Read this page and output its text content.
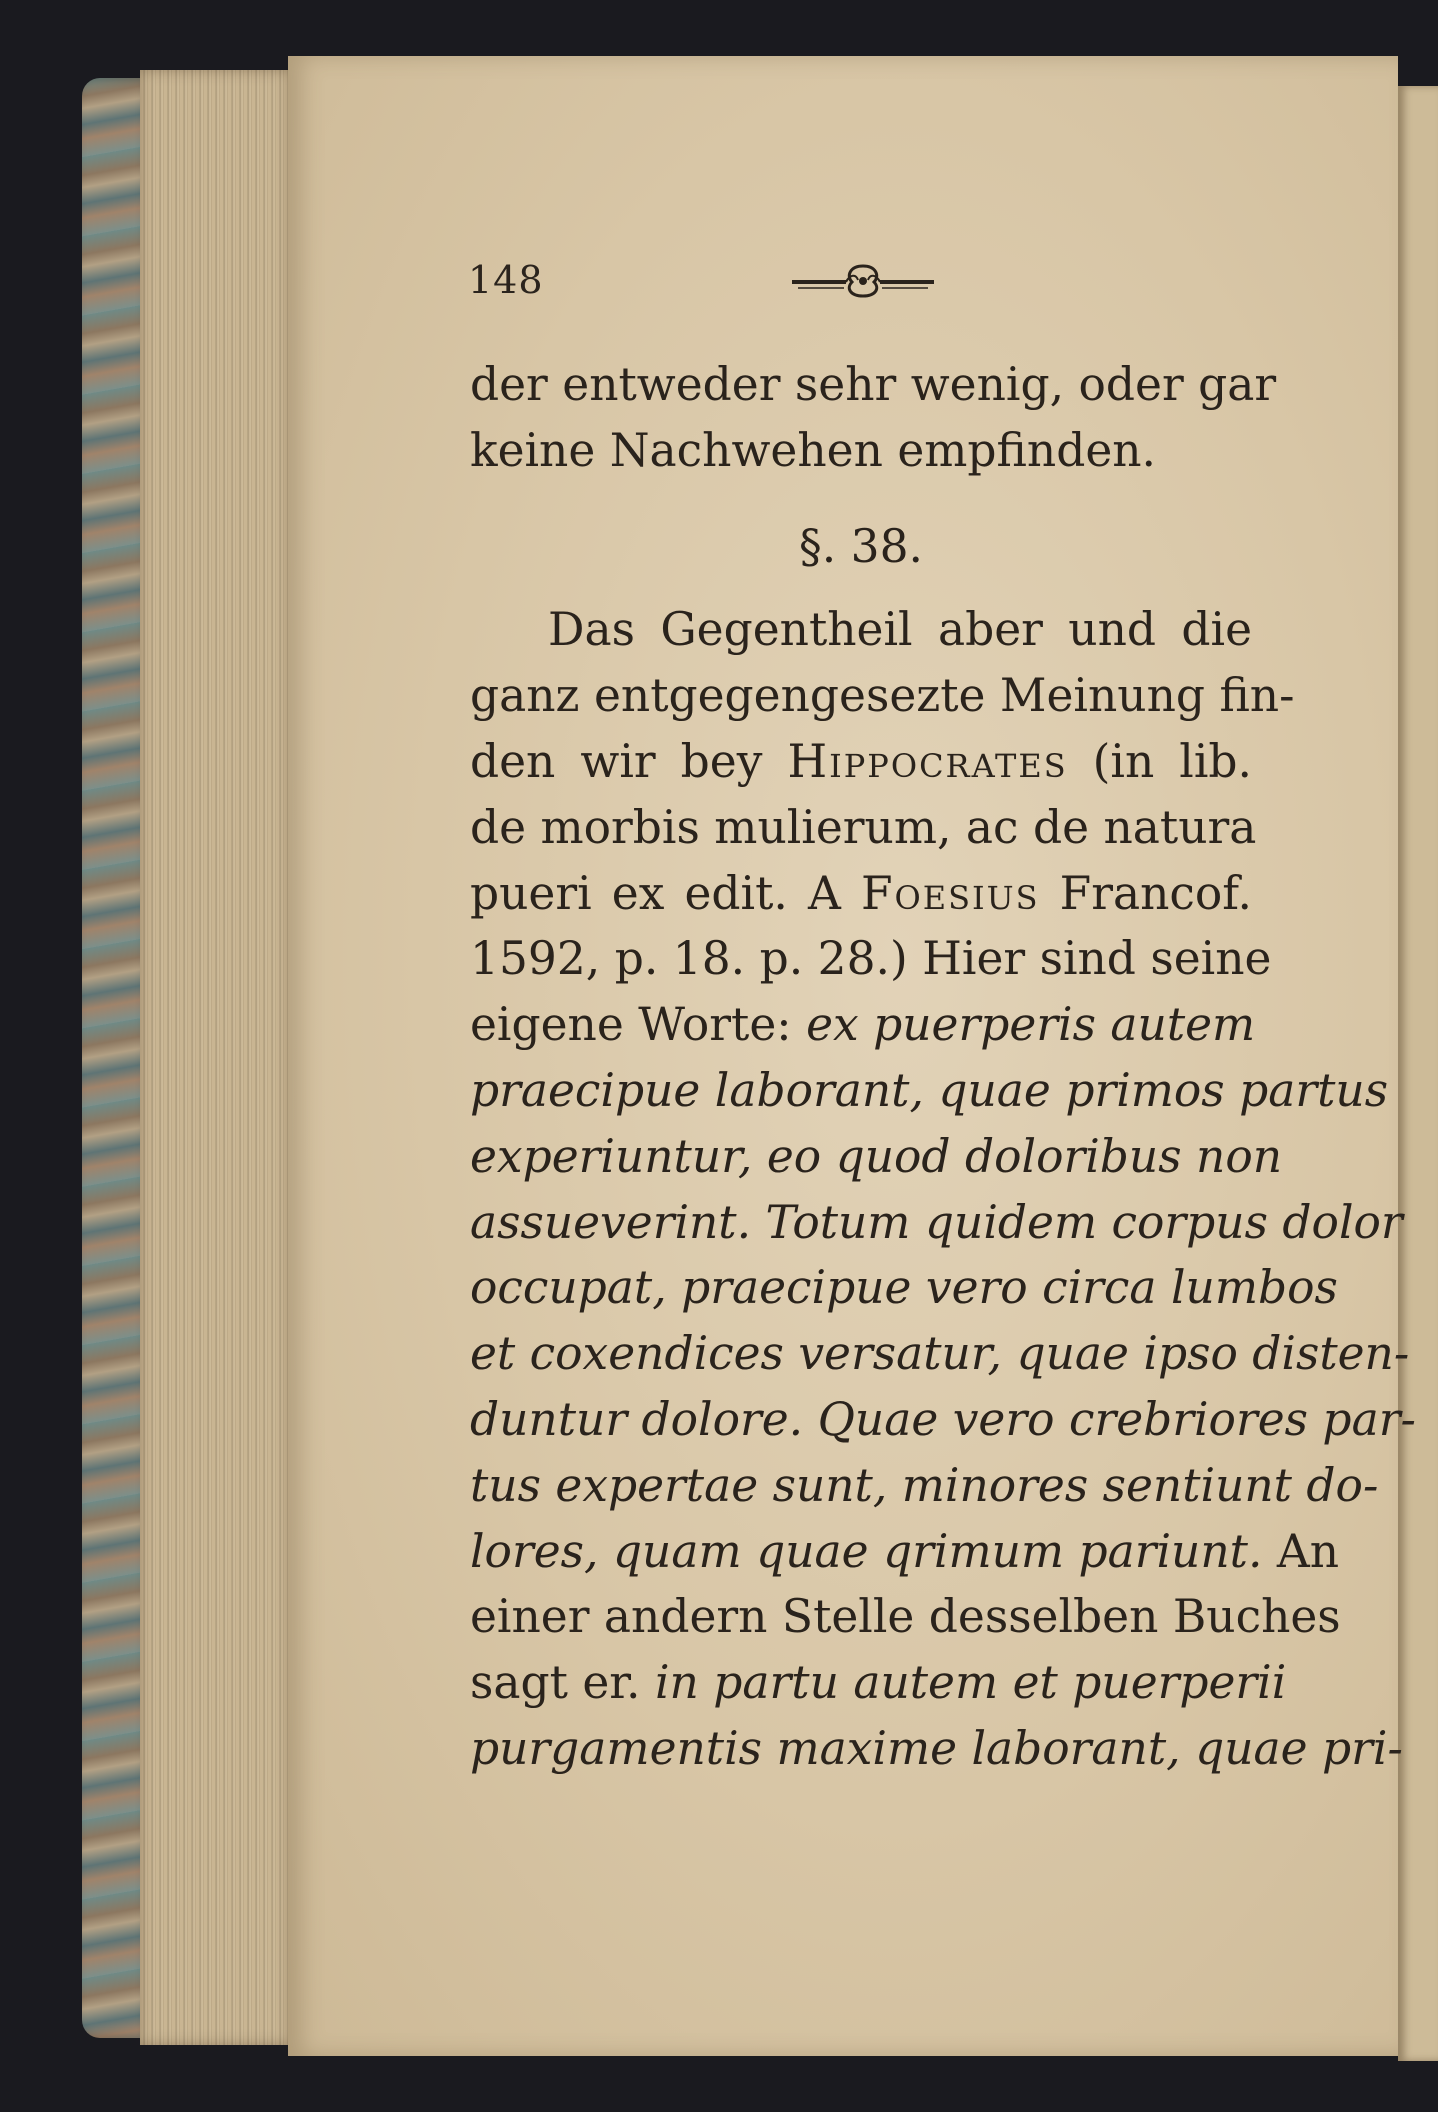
148
der entweder sehr wenig, oder gar
keine Nachwehen empfinden.
§. 38.
Das Gegentheil aber und die
ganz entgegengesezte Meinung fin-
den wir bey Hippocrates (in lib.
de morbis mulierum, ac de natura
pueri ex edit. A Foesius Francof.
1592, p. 18. p. 28.) Hier sind seine
eigene Worte: ex puerperis autem
praecipue laborant, quae primos partus
experiuntur, eo quod doloribus non
assueverint. Totum quidem corpus dolor
occupat, praecipue vero circa lumbos
et coxendices versatur, quae ipso disten-
duntur dolore. Quae vero crebriores par-
tus expertae sunt, minores sentiunt do-
lores, quam quae qrimum pariunt. An
einer andern Stelle desselben Buches
sagt er. in partu autem et puerperii
purgamentis maxime laborant, quae pri-
